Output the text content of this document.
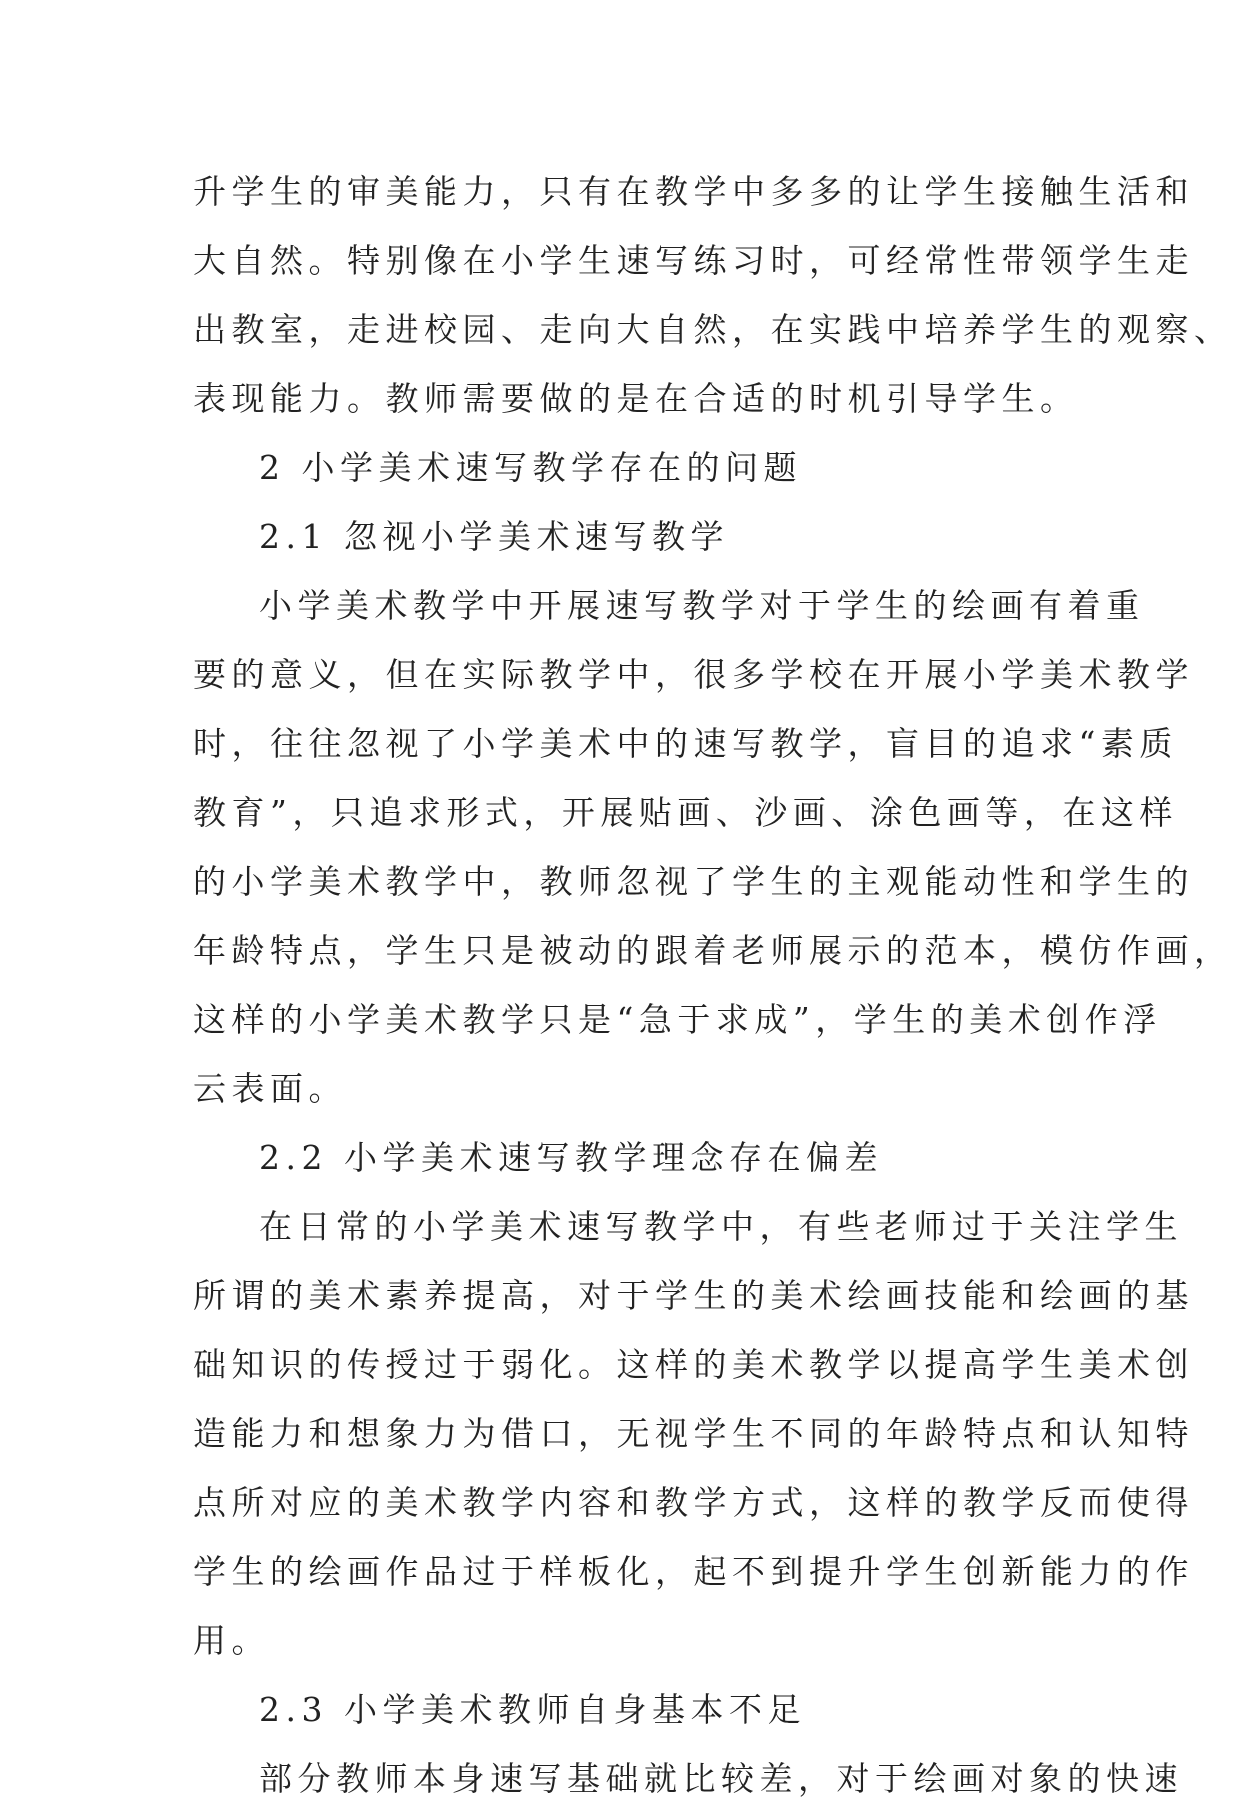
升学生的审美能力，只有在教学中多多的让学生接触生活和
大自然。特别像在小学生速写练习时，可经常性带领学生走
出教室，走进校园、走向大自然，在实践中培养学生的观察、
表现能力。教师需要做的是在合适的时机引导学生。
2 小学美术速写教学存在的问题
2.1 忽视小学美术速写教学
小学美术教学中开展速写教学对于学生的绘画有着重
要的意义，但在实际教学中，很多学校在开展小学美术教学
时，往往忽视了小学美术中的速写教学，盲目的追求“素质
教育”，只追求形式，开展贴画、沙画、涂色画等，在这样
的小学美术教学中，教师忽视了学生的主观能动性和学生的
年龄特点，学生只是被动的跟着老师展示的范本，模仿作画，
这样的小学美术教学只是“急于求成”，学生的美术创作浮
云表面。
2.2 小学美术速写教学理念存在偏差
在日常的小学美术速写教学中，有些老师过于关注学生
所谓的美术素养提高，对于学生的美术绘画技能和绘画的基
础知识的传授过于弱化。这样的美术教学以提高学生美术创
造能力和想象力为借口，无视学生不同的年龄特点和认知特
点所对应的美术教学内容和教学方式，这样的教学反而使得
学生的绘画作品过于样板化，起不到提升学生创新能力的作
用。
2.3 小学美术教师自身基本不足
部分教师本身速写基础就比较差，对于绘画对象的快速
